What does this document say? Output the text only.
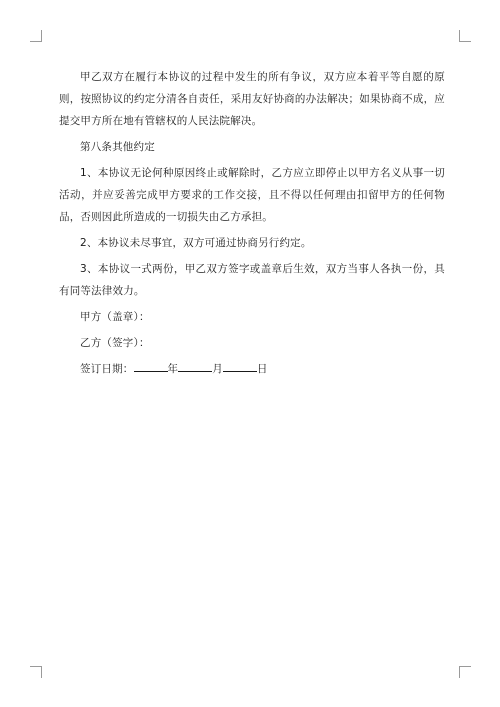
甲乙双方在履行本协议的过程中发生的所有争议，双方应本着平等自愿的原则，按照协议的约定分清各自责任，采用友好协商的办法解决；如果协商不成，应提交甲方所在地有管辖权的人民法院解决。

第八条其他约定

1、本协议无论何种原因终止或解除时，乙方应立即停止以甲方名义从事一切活动，并应妥善完成甲方要求的工作交接，且不得以任何理由扣留甲方的任何物品，否则因此所造成的一切损失由乙方承担。

2、本协议未尽事宜，双方可通过协商另行约定。

3、本协议一式两份，甲乙双方签字或盖章后生效，双方当事人各执一份，具有同等法律效力。

甲方（盖章）：

乙方（签字）：

签订日期：	年	月	日
